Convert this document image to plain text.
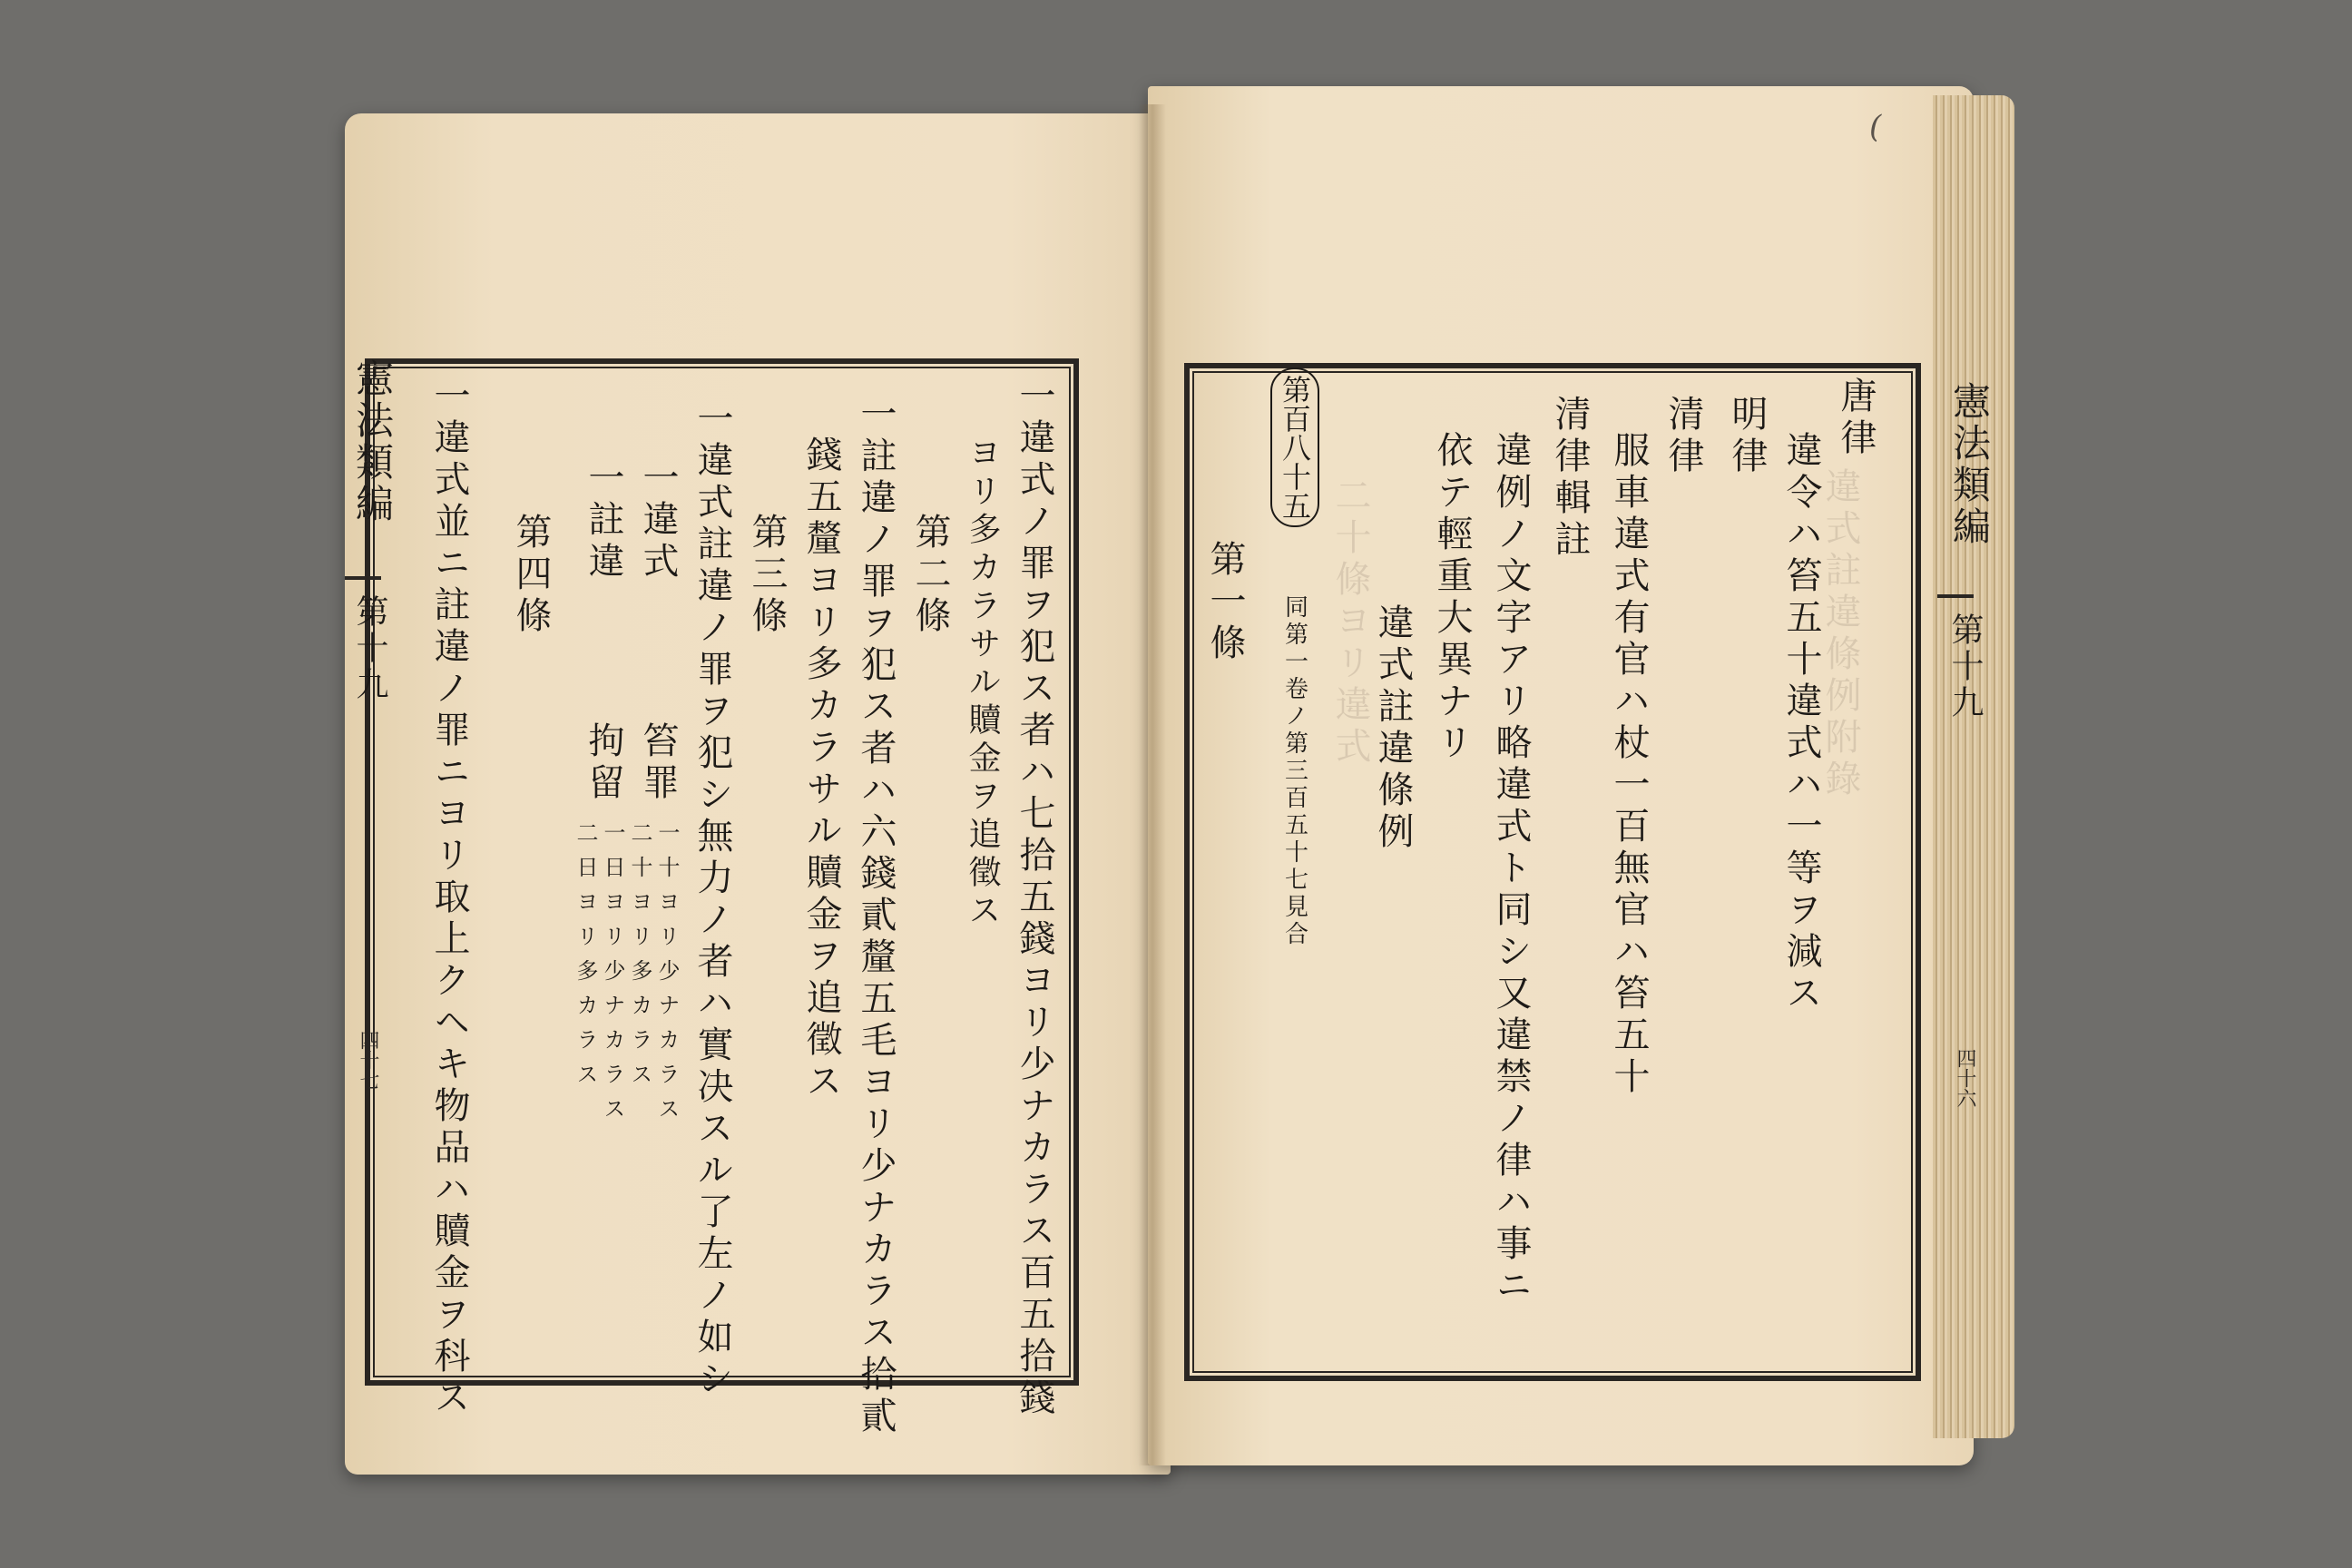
憲法類編
第十九
四十七	一違式ノ罪ヲ犯ス者ハ七拾五錢ヨリ少ナカラス百五拾錢
ヨリ多カラサル贖金ヲ追徵ス
第二條
一註違ノ罪ヲ犯ス者ハ六錢貳釐五毛ヨリ少ナカラス拾貳
錢五釐ヨリ多カラサル贖金ヲ追徵ス
第三條
一違式註違ノ罪ヲ犯シ無力ノ者ハ實决スル了左ノ如シ
一違式
笞罪
一十ヨリ少ナカラス
二十ヨリ多カラス
一註違
拘留
一日ヨリ少ナカラス
二日ヨリ多カラス
第四條
一違式並ニ註違ノ罪ニヨリ取上クヘキ物品ハ贖金ヲ科ス	憲法類編
第十九
四十六
(
違式註違條例附錄
二十條ヨリ違式
唐律
違令ハ笞五十違式ハ一等ヲ減ス
明律
清律
服車違式有官ハ杖一百無官ハ笞五十
清律輯註
違例ノ文字アリ略違式ト同シ又違禁ノ律ハ事ニ
依テ輕重大異ナリ
違式註違條例
第百八十五
同第一卷ノ第三百五十七見合
第一條
